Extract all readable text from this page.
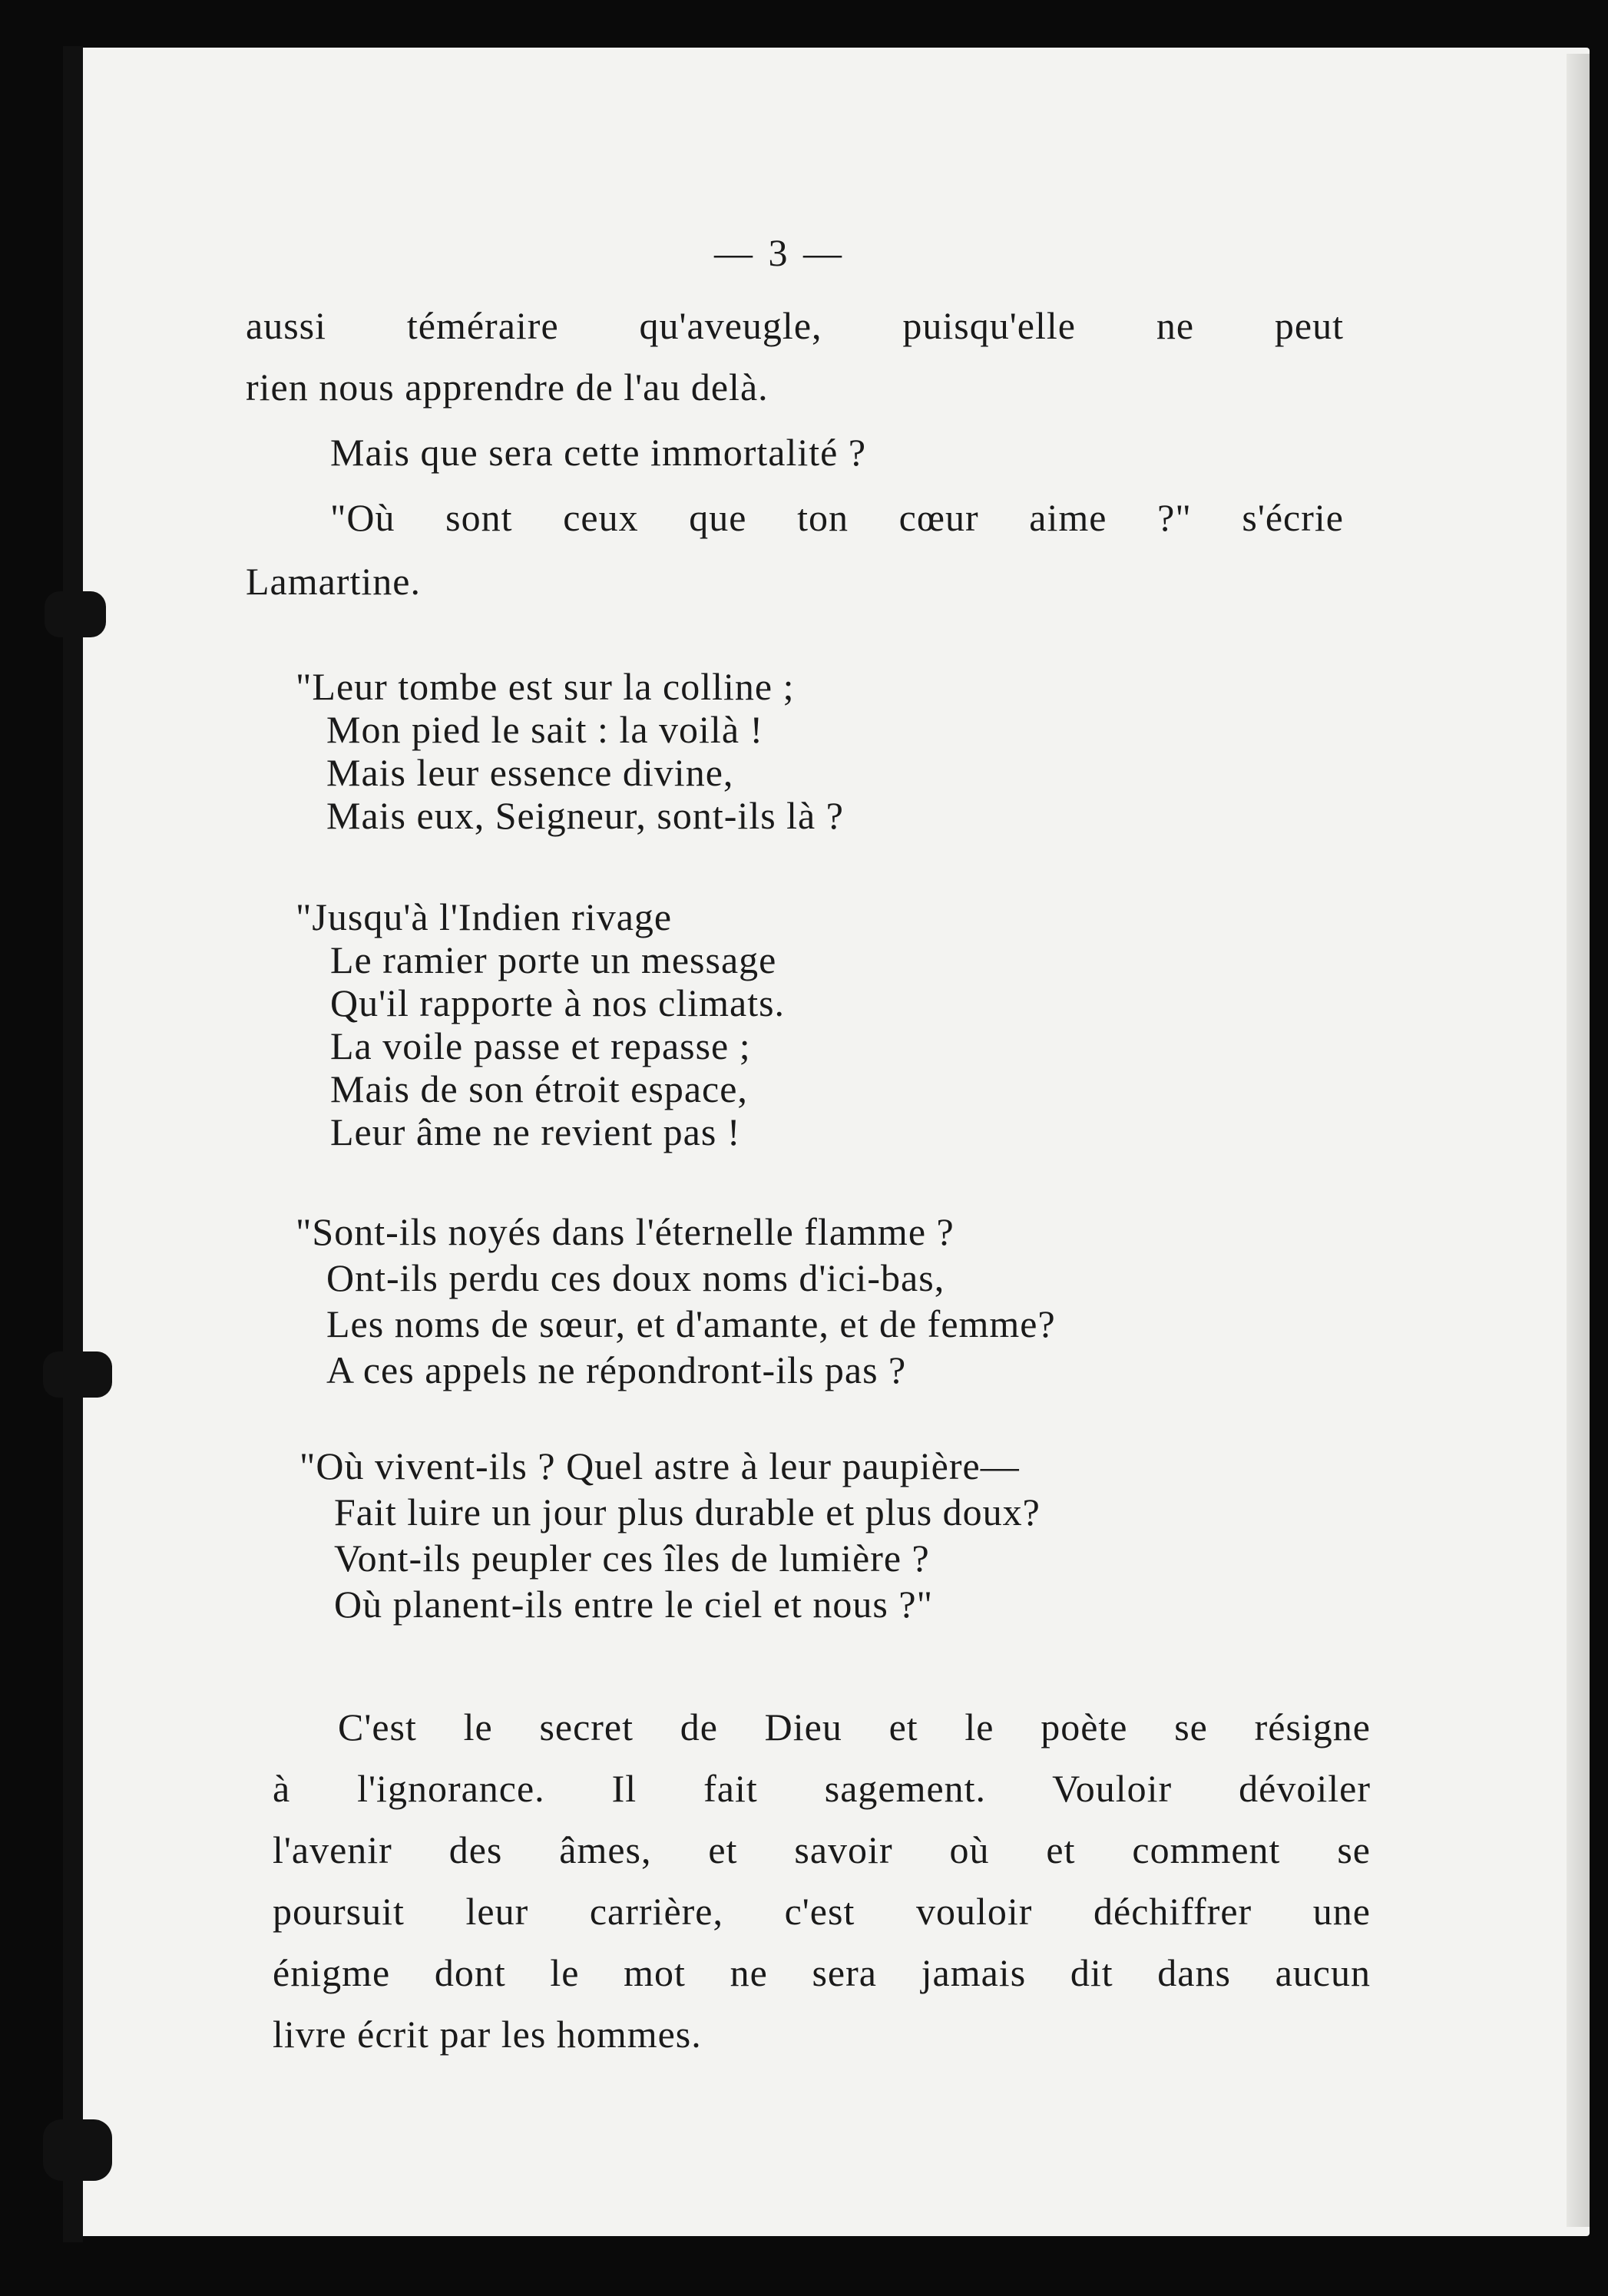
— 3 —
aussi téméraire qu'aveugle, puisqu'elle ne peut
rien nous apprendre de l'au delà.
Mais que sera cette immortalité ?
"Où sont ceux que ton cœur aime ?" s'écrie
Lamartine.
"Leur tombe est sur la colline ;
Mon pied le sait : la voilà !
Mais leur essence divine,
Mais eux, Seigneur, sont-ils là ?
"Jusqu'à l'Indien rivage
Le ramier porte un message
Qu'il rapporte à nos climats.
La voile passe et repasse ;
Mais de son étroit espace,
Leur âme ne revient pas !
"Sont-ils noyés dans l'éternelle flamme ?
Ont-ils perdu ces doux noms d'ici-bas,
Les noms de sœur, et d'amante, et de femme?
A ces appels ne répondront-ils pas ?
"Où vivent-ils ? Quel astre à leur paupière—
Fait luire un jour plus durable et plus doux?
Vont-ils peupler ces îles de lumière ?
Où planent-ils entre le ciel et nous ?"
C'est le secret de Dieu et le poète se résigne
à l'ignorance. Il fait sagement. Vouloir dévoiler
l'avenir des âmes, et savoir où et comment se
poursuit leur carrière, c'est vouloir déchiffrer une
énigme dont le mot ne sera jamais dit dans aucun
livre écrit par les hommes.
